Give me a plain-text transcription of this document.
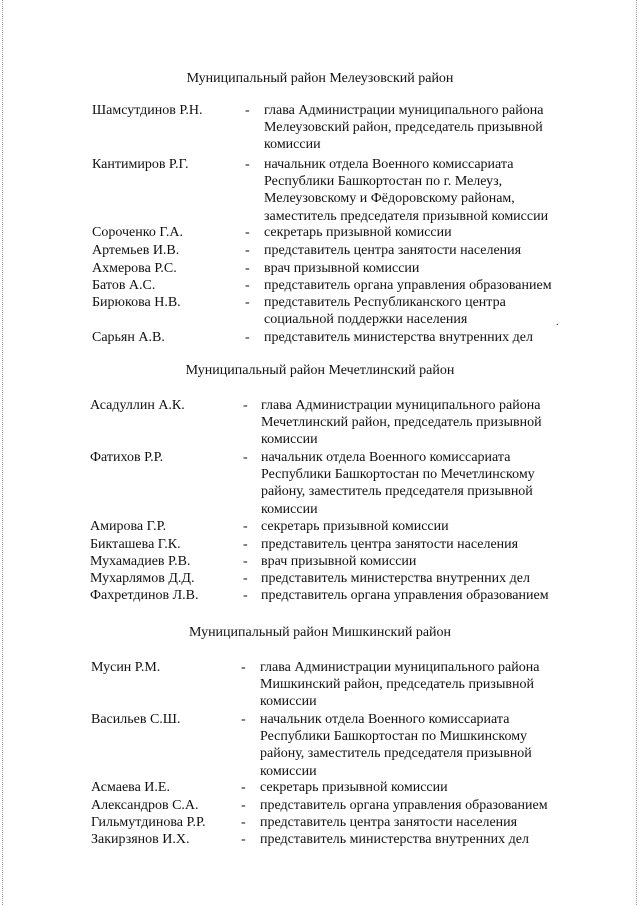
Муниципальный район Мелеузовский район
Шамсутдинов Р.Н.	- глава Администрации муниципального района
Мелеузовский район, председатель призывной
комиссии
Кантимиров Р.Г.	- начальник отдела Военного комиссариата
Республики Башкортостан по г. Мелеуз,
Мелеузовскому и Фёдоровскому районам,
заместитель председателя призывной комиссии
Сороченко Г.А.	- секретарь призывной комиссии
Артемьев И.В.	- представитель центра занятости населения
Ахмерова Р.С.	- врач призывной комиссии
Батов А.С.	- представитель органа управления образованием
Бирюкова Н.В.	- представитель Республиканского центра
социальной поддержки населения
Сарьян А.В.	- представитель министерства внутренних дел
Муниципальный район Мечетлинский район
Асадуллин А.К.	- глава Администрации муниципального района
Мечетлинский район, председатель призывной
комиссии
Фатихов Р.Р.	- начальник отдела Военного комиссариата
Республики Башкортостан по Мечетлинскому
району, заместитель председателя призывной
комиссии
Амирова Г.Р.	- секретарь призывной комиссии
Бикташева Г.К.	- представитель центра занятости населения
Мухамадиев Р.В.	- врач призывной комиссии
Мухарлямов Д.Д.	- представитель министерства внутренних дел
Фахретдинов Л.В.	- представитель органа управления образованием
Муниципальный район Мишкинский район
Мусин Р.М.	- глава Администрации муниципального района
Мишкинский район, председатель призывной
комиссии
Васильев С.Ш.	- начальник отдела Военного комиссариата
Республики Башкортостан по Мишкинскому
району, заместитель председателя призывной
комиссии
Асмаева И.Е.	- секретарь призывной комиссии
Александров С.А.	- представитель органа управления образованием
Гильмутдинова Р.Р.	- представитель центра занятости населения
Закирзянов И.Х.	- представитель министерства внутренних дел
.
